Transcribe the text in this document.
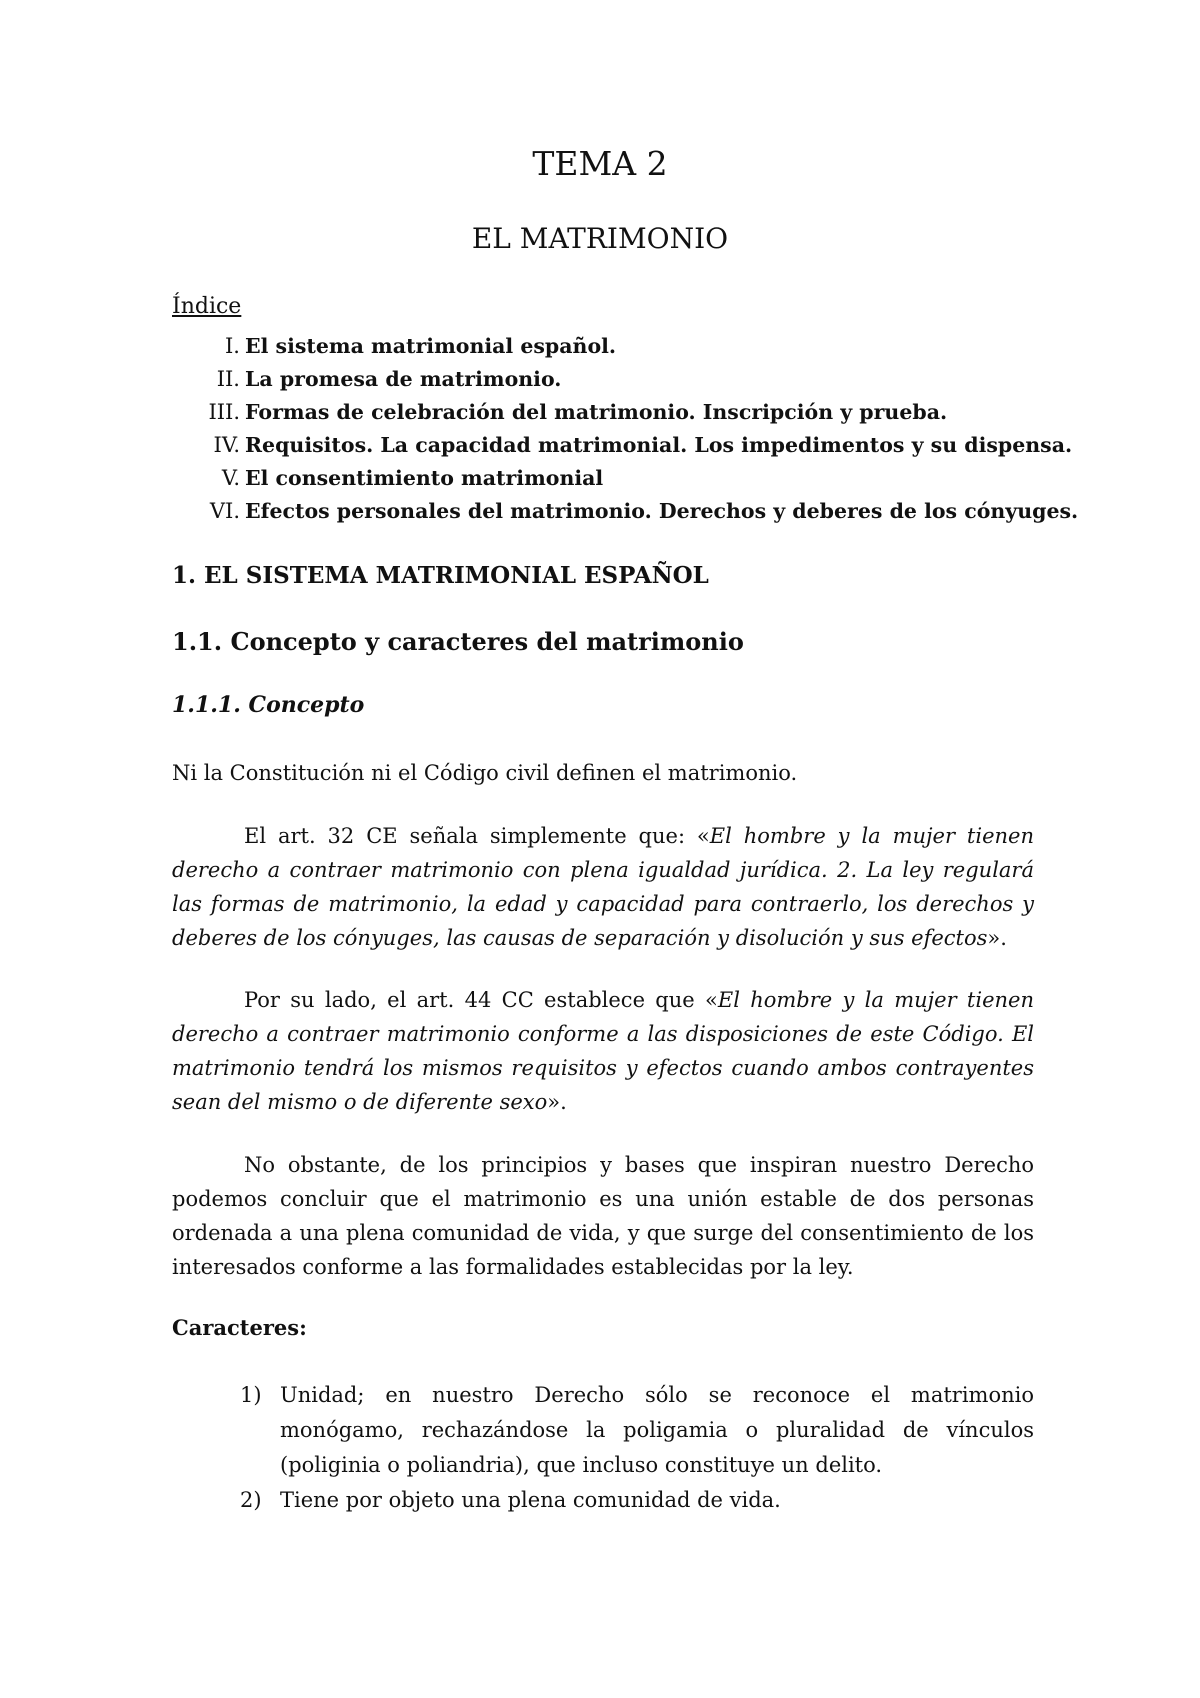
TEMA 2
EL MATRIMONIO
Índice
I. El sistema matrimonial español.
II. La promesa de matrimonio.
III. Formas de celebración del matrimonio. Inscripción y prueba.
IV. Requisitos. La capacidad matrimonial. Los impedimentos y su dispensa.
V. El consentimiento matrimonial
VI. Efectos personales del matrimonio. Derechos y deberes de los cónyuges.
1. EL SISTEMA MATRIMONIAL ESPAÑOL
1.1. Concepto y caracteres del matrimonio
1.1.1. Concepto
Ni la Constitución ni el Código civil definen el matrimonio.
El art. 32 CE señala simplemente que: «El hombre y la mujer tienen derecho a contraer matrimonio con plena igualdad jurídica. 2. La ley regulará las formas de matrimonio, la edad y capacidad para contraerlo, los derechos y deberes de los cónyuges, las causas de separación y disolución y sus efectos».
Por su lado, el art. 44 CC establece que «El hombre y la mujer tienen derecho a contraer matrimonio conforme a las disposiciones de este Código. El matrimonio tendrá los mismos requisitos y efectos cuando ambos contrayentes sean del mismo o de diferente sexo».
No obstante, de los principios y bases que inspiran nuestro Derecho podemos concluir que el matrimonio es una unión estable de dos personas ordenada a una plena comunidad de vida, y que surge del consentimiento de los interesados conforme a las formalidades establecidas por la ley.
Caracteres:
1) Unidad; en nuestro Derecho sólo se reconoce el matrimonio monógamo, rechazándose la poligamia o pluralidad de vínculos (poliginia o poliandria), que incluso constituye un delito.
2) Tiene por objeto una plena comunidad de vida.
